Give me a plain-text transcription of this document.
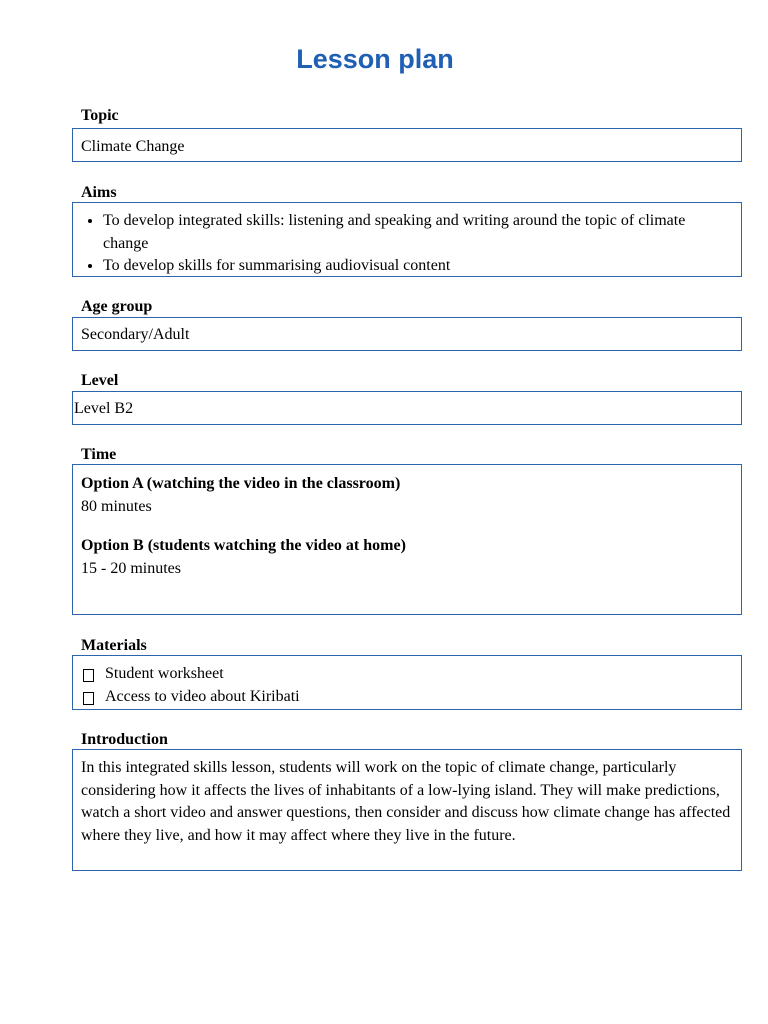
Lesson plan
Topic

Climate Change

Aims
• To develop integrated skills: listening and speaking and writing around the topic of climate change
• To develop skills for summarising audiovisual content
Age group

Secondary/Adult

Level

Level B2

Time

Option A (watching the video in the classroom)

80 minutes

Option B (students watching the video at home)

15 - 20 minutes

Materials
Student worksheet
Access to video about Kiribati
Introduction

In this integrated skills lesson, students will work on the topic of climate change, particularly considering how it affects the lives of inhabitants of a low-lying island. They will make predictions, watch a short video and answer questions, then consider and discuss how climate change has affected where they live, and how it may affect where they live in the future.
